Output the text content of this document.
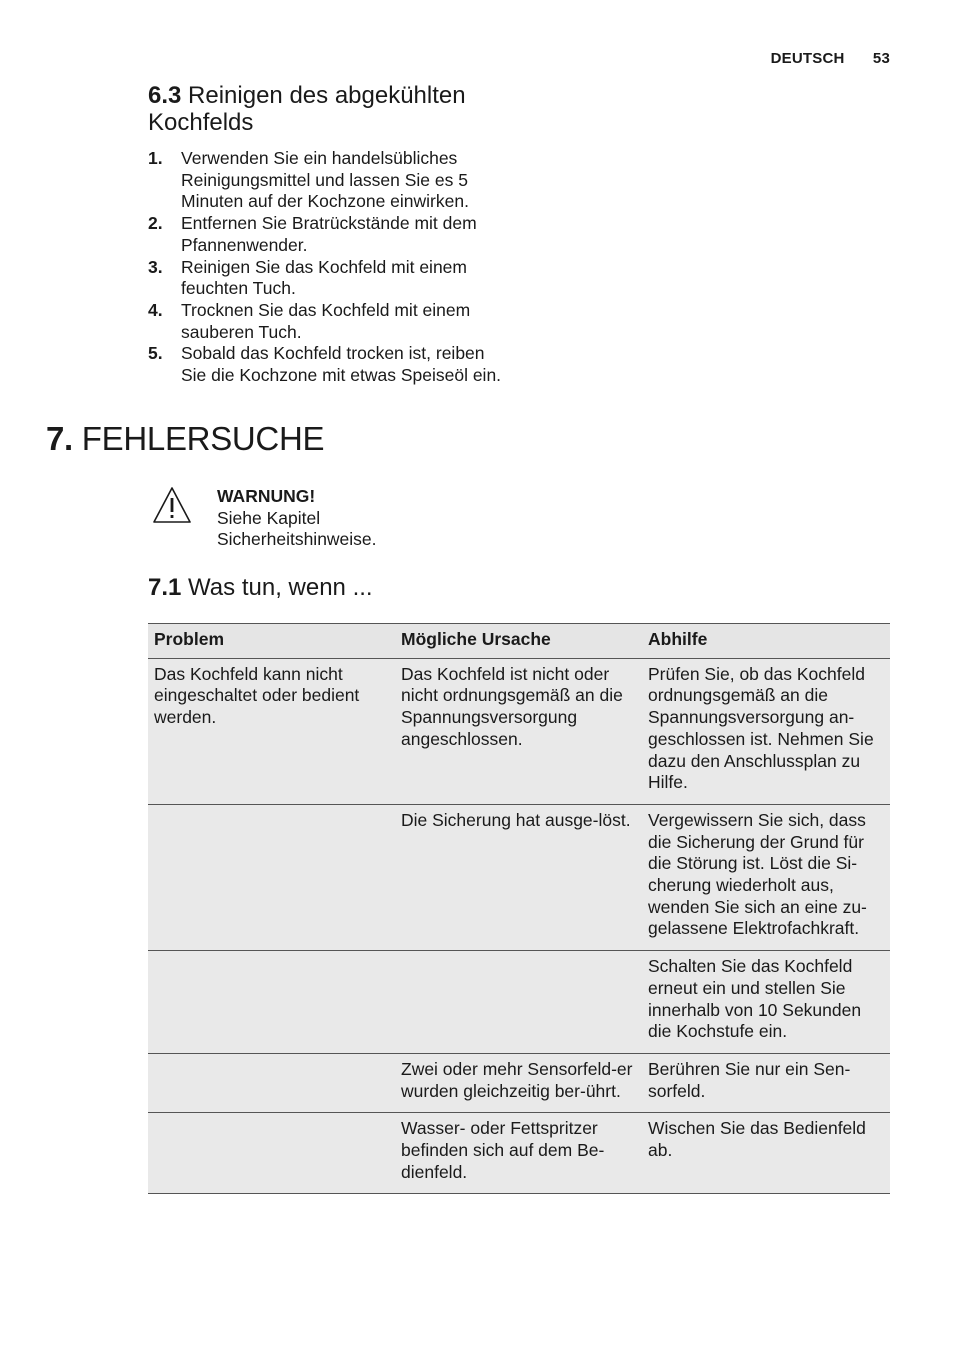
DEUTSCH 53
6.3 Reinigen des abgekühlten Kochfelds
1.	Verwenden Sie ein handelsübliches Reinigungsmittel und lassen Sie es 5 Minuten auf der Kochzone einwirken.
2.	Entfernen Sie Bratrückstände mit dem Pfannenwender.
3.	Reinigen Sie das Kochfeld mit einem feuchten Tuch.
4.	Trocknen Sie das Kochfeld mit einem sauberen Tuch.
5.	Sobald das Kochfeld trocken ist, reiben Sie die Kochzone mit etwas Speiseöl ein.
7. FEHLERSUCHE
WARNUNG!
Siehe Kapitel
Sicherheitshinweise.
7.1 Was tun, wenn ...
Problem	Mögliche Ursache	Abhilfe
Das Kochfeld kann nicht eingeschaltet oder bedient werden.	Das Kochfeld ist nicht oder nicht ordnungsgemäß an die Spannungsversorgung angeschlossen.	Prüfen Sie, ob das Kochfeld ordnungsgemäß an die Spannungsversorgung an-geschlossen ist. Nehmen Sie dazu den Anschlussplan zu Hilfe.
	Die Sicherung hat ausge-löst.	Vergewissern Sie sich, dass die Sicherung der Grund für die Störung ist. Löst die Si-cherung wiederholt aus, wenden Sie sich an eine zu-gelassene Elektrofachkraft.
		Schalten Sie das Kochfeld erneut ein und stellen Sie innerhalb von 10 Sekunden die Kochstufe ein.
	Zwei oder mehr Sensorfeld-er wurden gleichzeitig ber-ührt.	Berühren Sie nur ein Sen-sorfeld.
	Wasser- oder Fettspritzer befinden sich auf dem Be-dienfeld.	Wischen Sie das Bedienfeld ab.
